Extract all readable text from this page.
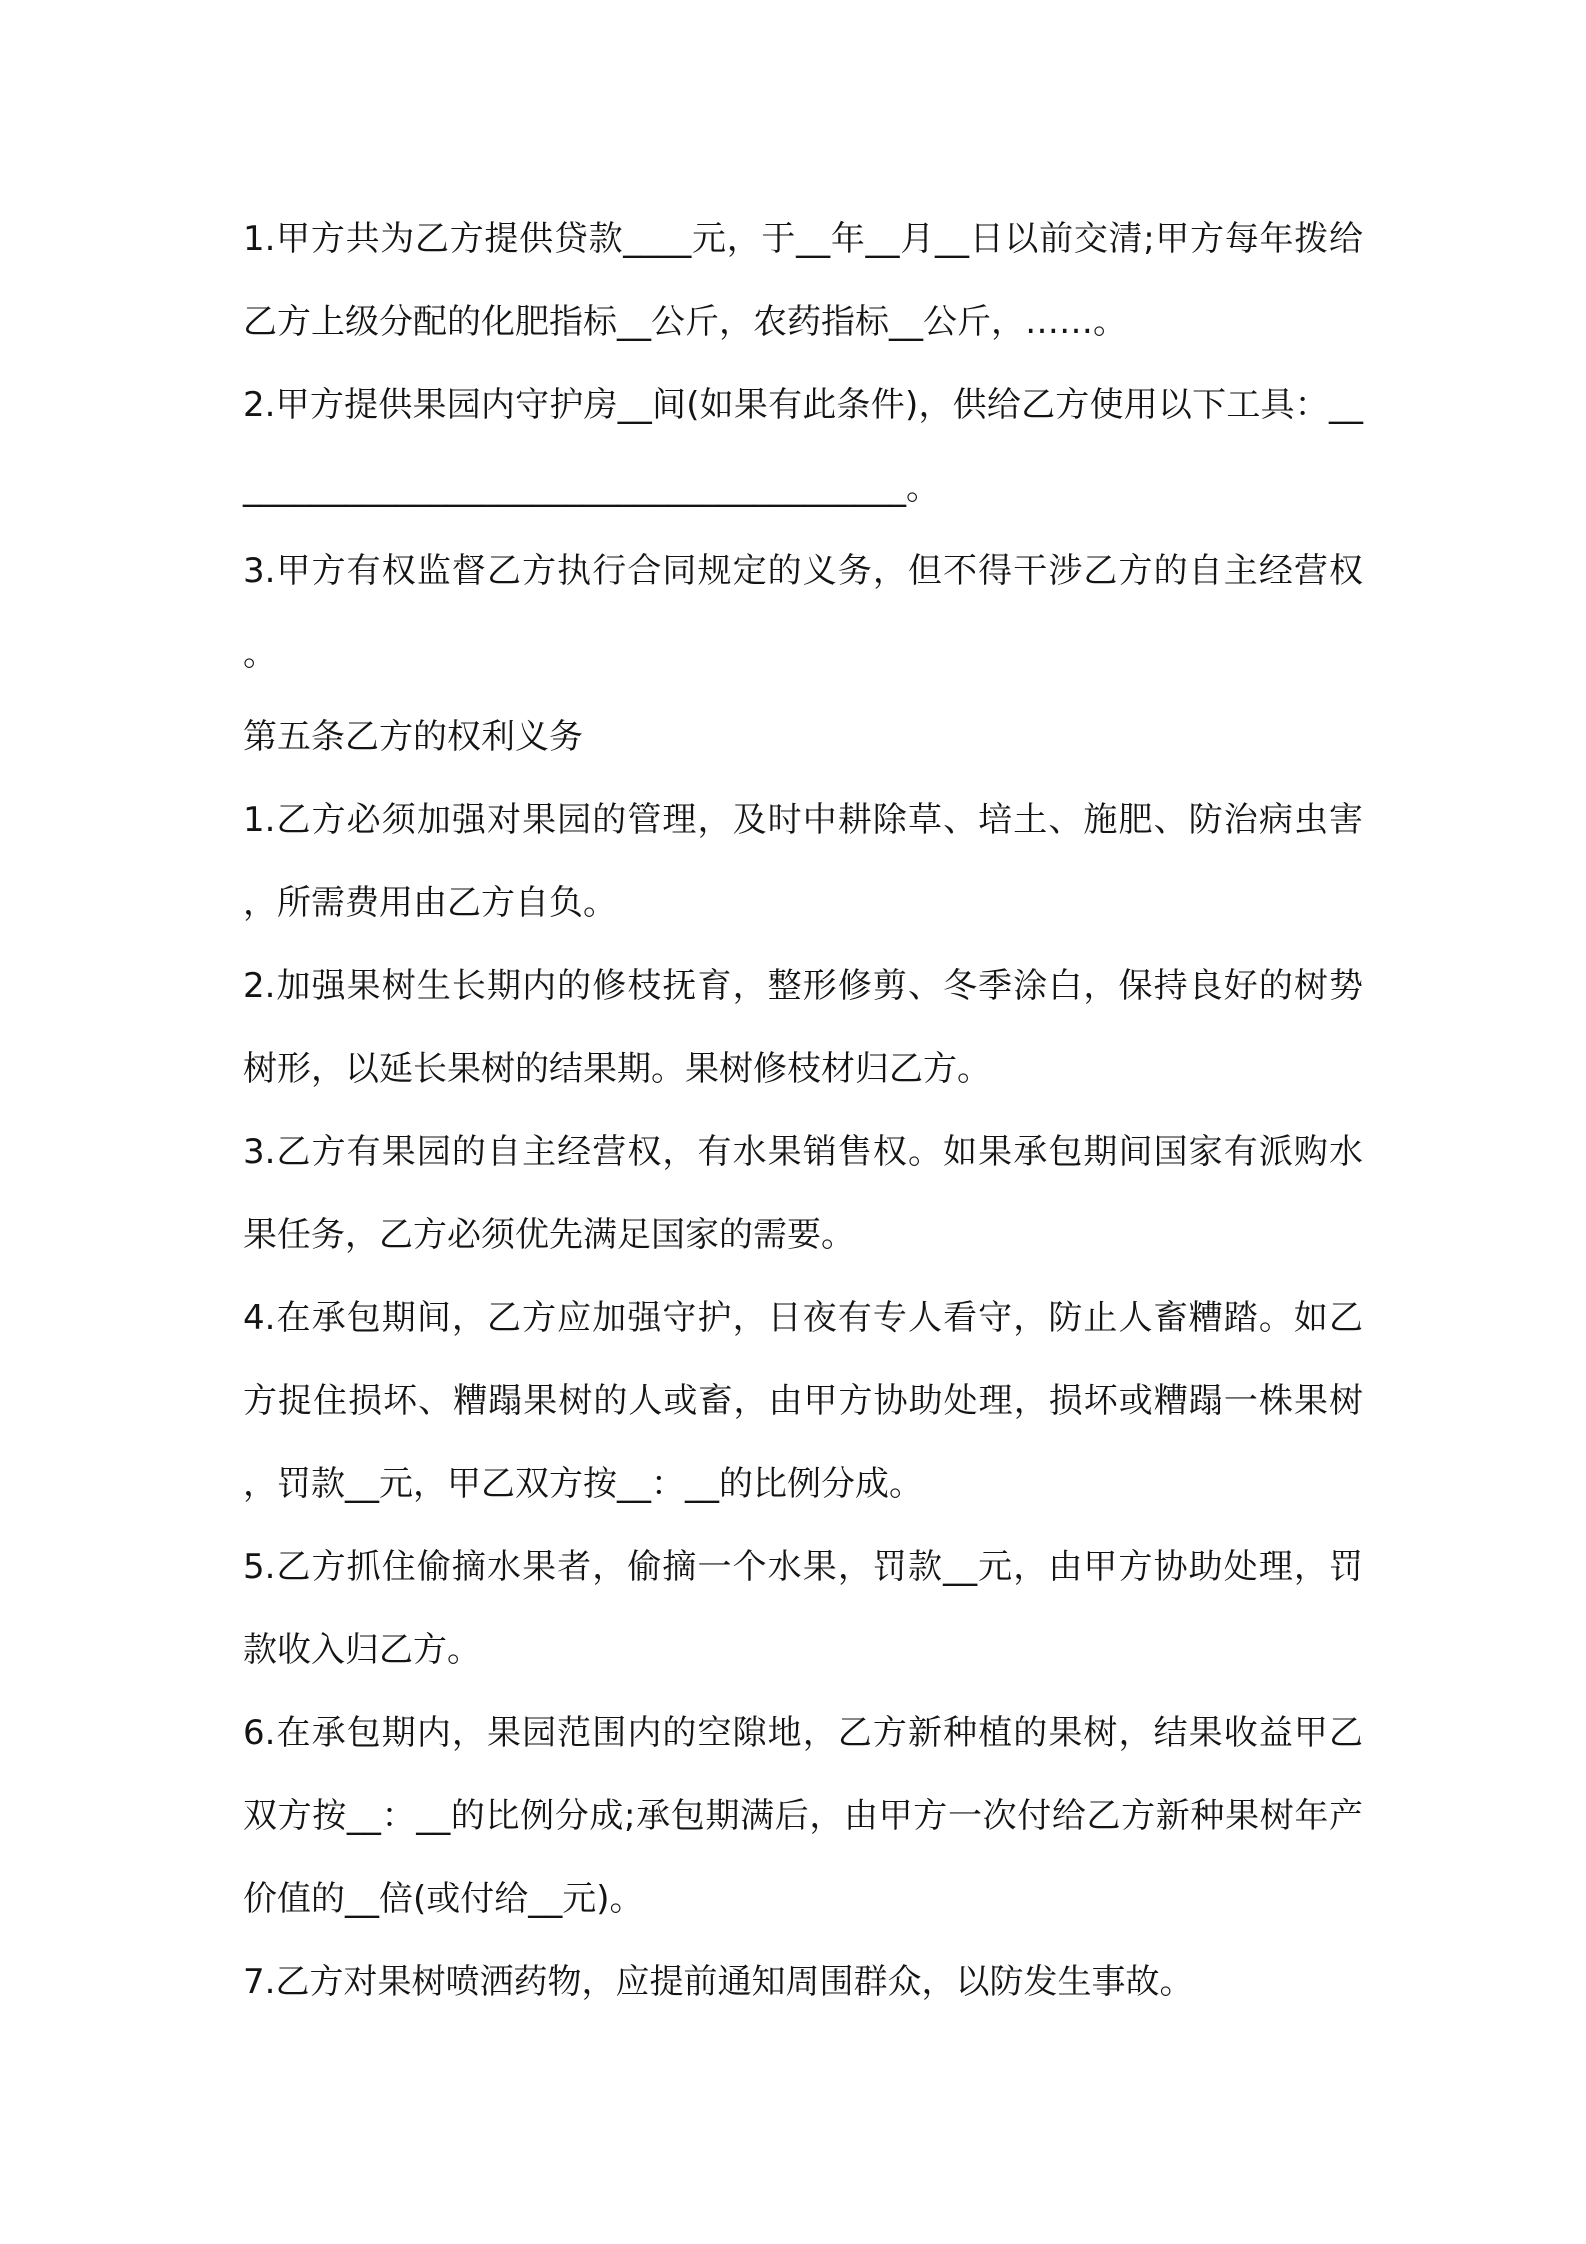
1.甲方共为乙方提供贷款____元，于__年__月__日以前交清;甲方每年拨给乙方上级分配的化肥指标__公斤，农药指标__公斤，……。

2.甲方提供果园内守护房__间(如果有此条件)，供给乙方使用以下工具：_________________________________________。

3.甲方有权监督乙方执行合同规定的义务，但不得干涉乙方的自主经营权。

第五条乙方的权利义务

1.乙方必须加强对果园的管理，及时中耕除草、培土、施肥、防治病虫害，所需费用由乙方自负。

2.加强果树生长期内的修枝抚育，整形修剪、冬季涂白，保持良好的树势树形，以延长果树的结果期。果树修枝材归乙方。

3.乙方有果园的自主经营权，有水果销售权。如果承包期间国家有派购水果任务，乙方必须优先满足国家的需要。

4.在承包期间，乙方应加强守护，日夜有专人看守，防止人畜糟踏。如乙方捉住损坏、糟蹋果树的人或畜，由甲方协助处理，损坏或糟蹋一株果树，罚款__元，甲乙双方按__：__的比例分成。

5.乙方抓住偷摘水果者，偷摘一个水果，罚款__元，由甲方协助处理，罚款收入归乙方。

6.在承包期内，果园范围内的空隙地，乙方新种植的果树，结果收益甲乙双方按__：__的比例分成;承包期满后，由甲方一次付给乙方新种果树年产价值的__倍(或付给__元)。

7.乙方对果树喷洒药物，应提前通知周围群众，以防发生事故。
